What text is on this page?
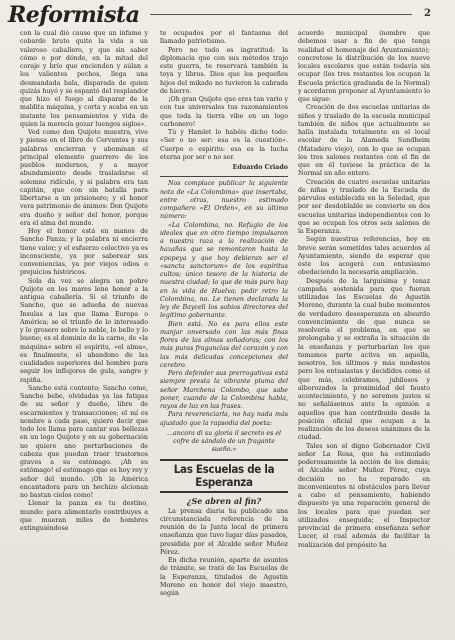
Reformista	2

con la cual dió cause que un infame y cobarde bruto quite la vida a un valeroso caballero, y que sin saber cómo o por dónde, en la mitad del coraje y brío que encienden y aúlan a los valientes pechos, llega una desmandada bala, disparada de quien quizás huyó y se espantó del resplandor que hizo el fuego al disparar de la maldita máquina, y corta y acaba en un instante los pensamientos y vida de quien la merecía gozar luengos siglos».

Ved como don Quijote muestra, vive y piensa en el libro de Cervantes y sus palabras encierran y abominan el principal elemento guerrero de los pueblos modernos, y a mayor abundamiento desde trasladarse el solemne ridículo, y si palabra era tan capitán, que con sin batalla para libertarse a un prisionero; y el honor vera patrimonio de ánimos: Don Quijote era dueño y señor del honor, porque era el alma del mundo.

Hoy el honor está en manos de Sancho Panza; y la palabra ni encierra tiene valor; y el esfuerzo colectivo ya es inconsciente, ya por saborear sus conveniencias, ya por viejos odios o prejuicios históricos.

Sola da vez se alegra un pobre Quijote en los mares lene honor a la antigua caballería. Si el triunfo de Sancho, que se adueña de nuevas Ínsulas a las que llama Europa o América; se el triunfo de lo interesado y lo grosero sobre lo noble, lo bello y lo bueno; es el dominio de la carne, de «la máquina» sobre el espíritu, «el alma», es finalmente, el abandono de las cualidades superiores del hombre para seguir los influjores de gula, sangre y rapiña.

Sancho está contento; Sancho come, Sancho bebe, olvidadas ya las fatigas de su señor y dueño, libre de escarmientos y transacciones; el mí es nombre a cada paso, quiero decir que todo los llama para cantar sus bellezas en un logo Quijote y en su gobernación no quiere ano perturbaciones de cabeza que puedan traer trastornos graves a su estómago. ¡Ah su estómago! el estómago que es hoy rey y señor del mundo. ¡Oh la América encantadora para un hechizo alcionan no bastan cielos como!

Llenar la panza es tu destino, mundo: para alimentarlo contribuyes a que mueran miles de hombres extinguiéndose

te ocupados por el fantasma del llamado patriotismo.

Pero no todo es ingratitud: la diplomacia que con sus métodos trajo este guerra, te reservará también la toya y libros. Dios que los pequeños hijos del mikado no tuvieron la cabrada de hierro.

¡Oh gran Quijote que eres tan vario y con tus universales tus razonamientos que toda la tierra vibe en un logo carbonero!

Tú y Hamlet lo habéis dicho todo: «Ser o no ser: esa es la cuestión». Cuerpo o espíritu: esa es la lucha eterna por ser o no ser.

Eduardo Criado

Nos complace publicar la siguiente nota de «La Colombina» que insertaba, entre otras, nuestro estimado compañero «El Orden», en su último número:

«La Colombina, no. Refugio de los ideales que en otro tiempo impulsaron a nuestra raza a la realización de hazañas que se remontaron hasta la epopeya y que hoy debieran ser el «sancta sanctorum» de los espíritus cultos; único tesoro de la historia de nuestra ciudad; lo que de más puro hay en la vida de Huelva; pedir retro la Colombina, no. Le tienen declarada la ley de Bayceli los sabios directores del legítimo gobernante.

Bien está. No es para ellos este manjar onversado con las más finas flores de las almas soñadoras; con los más puras fragancias del corazón y con las más delicadas concepciones del cerebro.

Pero defender sus prerrogativas está siempre presta la vibrante pluma del señor Marchena Colombo, que sabe poner, cuando de la Colombina habla, rayos de luz en las frases.

Para reverenciarla, no hay nada más ajustado que la rapsodia del poeta:

...ancora di su gloria il secreto es el cofre de sándalo de un fragante sueño.»

Las Escuelas de la Esperanza
¿Se abren al fin?

La prensa diaria ha publicado una circunstanciada referencia de la reunión de la Junta local de primera enseñanza que tuvo lugar días pasados, presidida por el Alcalde señor Muñoz Pérez.

En dicha reunión, aparte de asuntos de trámite, se trató de las Escuelas de la Esperanza, titulados de Agustín Moreno en honor del viejo maestro, según

acuerdo municipal (nombre que debemos usar a fin de que tenga realidad el homenaje del Ayuntamiento); concretose la distribución de los nueve locales escolares que están todavía sin ocupar (los tres restantes los ocupan la Escuela práctica graduada de la Normal) y acordaron proponer al Ayuntamiento lo que sigue:

Creación de dos escuelas unitarias de niños y traslado de la escuela municipal también de niños que actualmente se halla instalada totalmente en el local escolar de la Alameda Sundheim (Matadero viejo), con lo que se ocupan los tres salones restantes con el fin de que en él tuviese la práctica de la Normal un año entero.

Creación de cuatro escuelas unitarias de niñas y traslado de la Escuela de párvulos establecida en la Soledad, que por ser desdoblable se convierte en dos escuelas unitarias independientes con lo que se ocupan los otros seis salones de la Esperanza.

Según nuestras referencias, hoy en breve serán sometidos tales acuerdos al Ayuntamiento, siendo de esperar que éste los acogerá con entusiasmo obedeciendo la necesaria ampliación.

Después de la larguísima y tenaz campaña sostenida para que fueran utilizadas las Escuelas de Agustín Moreno, durante la cual hubo momentos de verdadero desesperanza en absurdo convencimiento de que nunca se resolvería el problema, en que se prolongaba y se extraña la situación de la enseñanza y perturbarían los que tomamos parte activa en aquella, nosotros, los últimos y más modestos pero los entusiastas y decididos como el que más, celebramos, jubilosos y alborozados la proximidad del fausto acontecimiento, y no seremos justos si no señalásemos ante la opinión a aquellos que han contribuido desde la posición oficial que ocupan a la realización de los deseos unánimes de la ciudad.

Tales son el digno Gobernador Civil señor La Rosa, que ha estimulado poderosamente la acción de los demás; el Alcalde señor Muñoz Pérez, cuya decisión no ha reparado en inconvenientes ni obstáculos para llevar a cabo el pensamiento, habiendo dispuesto ya una reparación general de los locales para que puedan ser utilizados enseguida; el Inspector provincial de primera enseñanza señor Lucer, el cual además de facilitar la realización del propósito ha
